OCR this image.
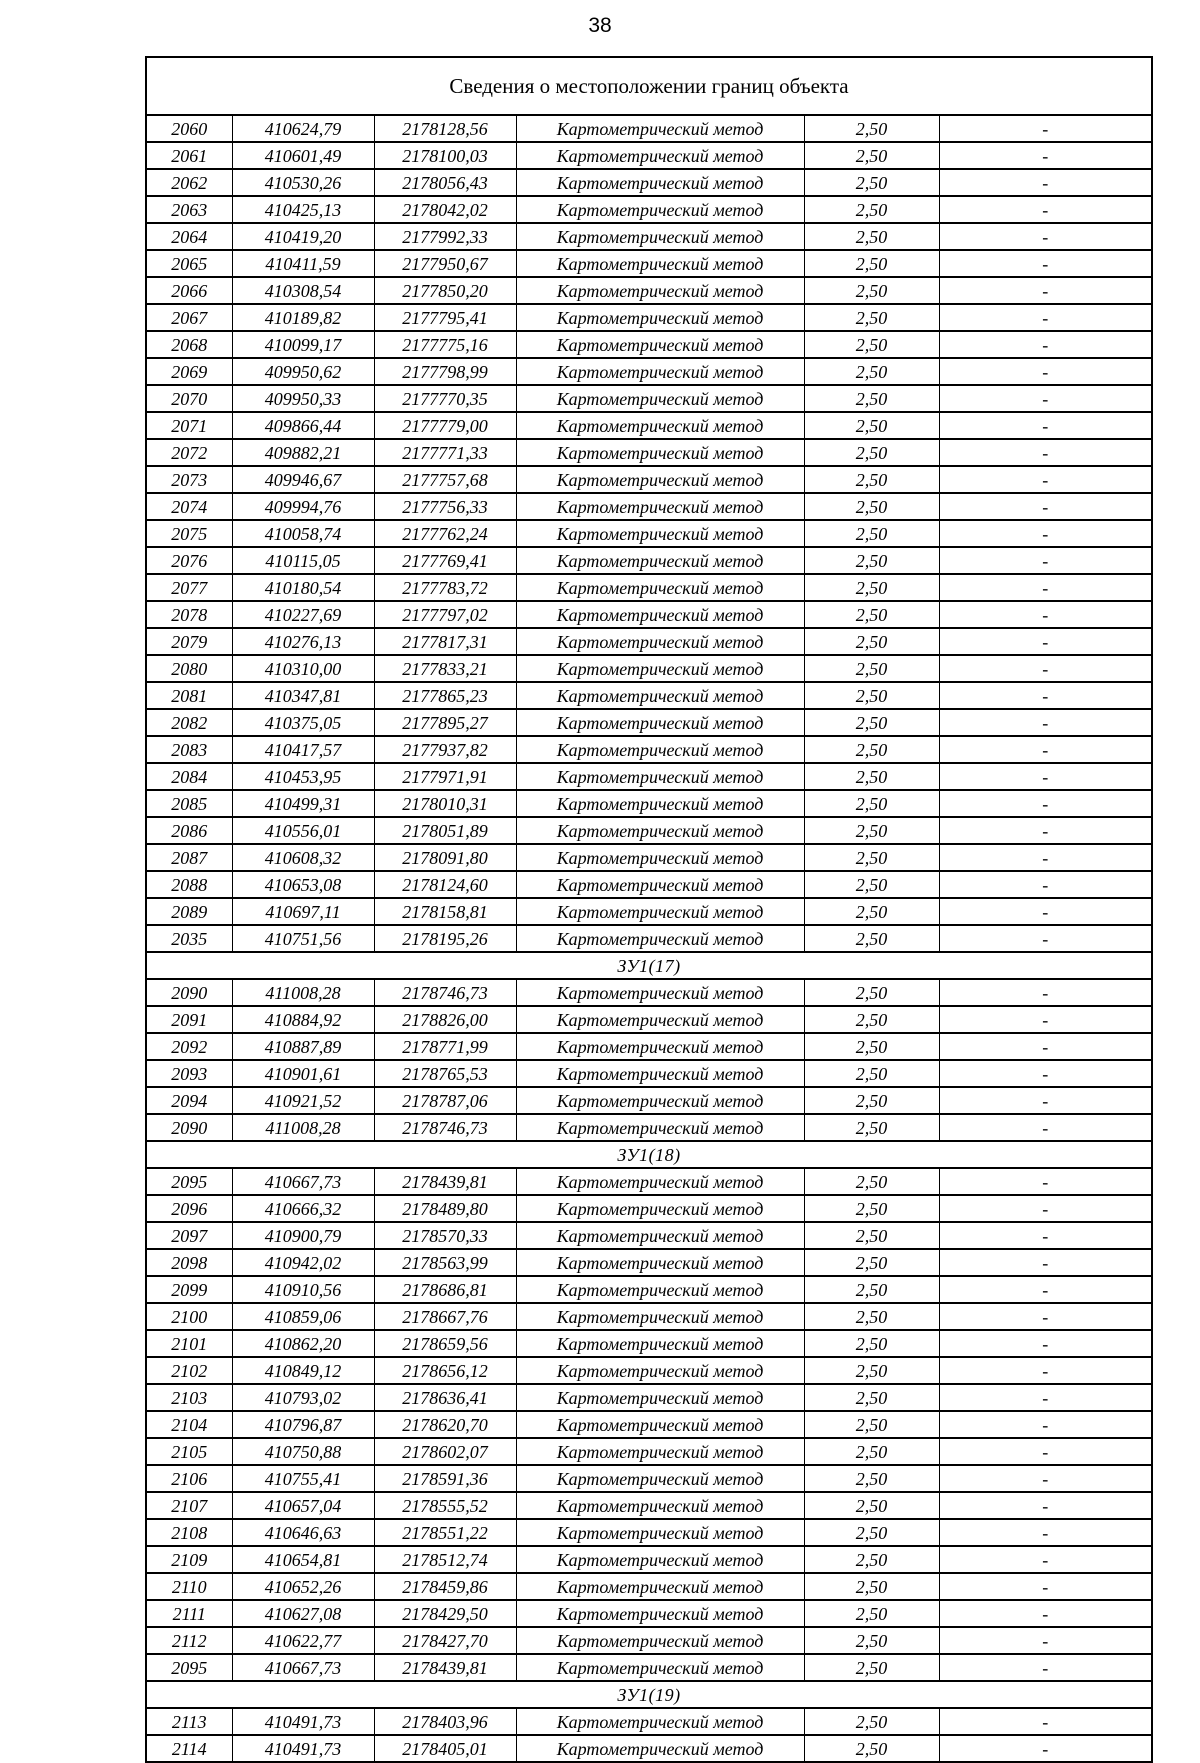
38
Сведения о местоположении границ объекта
2060	410624,79	2178128,56	Картометрический метод	2,50	-
2061	410601,49	2178100,03	Картометрический метод	2,50	-
2062	410530,26	2178056,43	Картометрический метод	2,50	-
2063	410425,13	2178042,02	Картометрический метод	2,50	-
2064	410419,20	2177992,33	Картометрический метод	2,50	-
2065	410411,59	2177950,67	Картометрический метод	2,50	-
2066	410308,54	2177850,20	Картометрический метод	2,50	-
2067	410189,82	2177795,41	Картометрический метод	2,50	-
2068	410099,17	2177775,16	Картометрический метод	2,50	-
2069	409950,62	2177798,99	Картометрический метод	2,50	-
2070	409950,33	2177770,35	Картометрический метод	2,50	-
2071	409866,44	2177779,00	Картометрический метод	2,50	-
2072	409882,21	2177771,33	Картометрический метод	2,50	-
2073	409946,67	2177757,68	Картометрический метод	2,50	-
2074	409994,76	2177756,33	Картометрический метод	2,50	-
2075	410058,74	2177762,24	Картометрический метод	2,50	-
2076	410115,05	2177769,41	Картометрический метод	2,50	-
2077	410180,54	2177783,72	Картометрический метод	2,50	-
2078	410227,69	2177797,02	Картометрический метод	2,50	-
2079	410276,13	2177817,31	Картометрический метод	2,50	-
2080	410310,00	2177833,21	Картометрический метод	2,50	-
2081	410347,81	2177865,23	Картометрический метод	2,50	-
2082	410375,05	2177895,27	Картометрический метод	2,50	-
2083	410417,57	2177937,82	Картометрический метод	2,50	-
2084	410453,95	2177971,91	Картометрический метод	2,50	-
2085	410499,31	2178010,31	Картометрический метод	2,50	-
2086	410556,01	2178051,89	Картометрический метод	2,50	-
2087	410608,32	2178091,80	Картометрический метод	2,50	-
2088	410653,08	2178124,60	Картометрический метод	2,50	-
2089	410697,11	2178158,81	Картометрический метод	2,50	-
2035	410751,56	2178195,26	Картометрический метод	2,50	-
ЗУ1(17)					
2090	411008,28	2178746,73	Картометрический метод	2,50	-
2091	410884,92	2178826,00	Картометрический метод	2,50	-
2092	410887,89	2178771,99	Картометрический метод	2,50	-
2093	410901,61	2178765,53	Картометрический метод	2,50	-
2094	410921,52	2178787,06	Картометрический метод	2,50	-
2090	411008,28	2178746,73	Картометрический метод	2,50	-
ЗУ1(18)					
2095	410667,73	2178439,81	Картометрический метод	2,50	-
2096	410666,32	2178489,80	Картометрический метод	2,50	-
2097	410900,79	2178570,33	Картометрический метод	2,50	-
2098	410942,02	2178563,99	Картометрический метод	2,50	-
2099	410910,56	2178686,81	Картометрический метод	2,50	-
2100	410859,06	2178667,76	Картометрический метод	2,50	-
2101	410862,20	2178659,56	Картометрический метод	2,50	-
2102	410849,12	2178656,12	Картометрический метод	2,50	-
2103	410793,02	2178636,41	Картометрический метод	2,50	-
2104	410796,87	2178620,70	Картометрический метод	2,50	-
2105	410750,88	2178602,07	Картометрический метод	2,50	-
2106	410755,41	2178591,36	Картометрический метод	2,50	-
2107	410657,04	2178555,52	Картометрический метод	2,50	-
2108	410646,63	2178551,22	Картометрический метод	2,50	-
2109	410654,81	2178512,74	Картометрический метод	2,50	-
2110	410652,26	2178459,86	Картометрический метод	2,50	-
2111	410627,08	2178429,50	Картометрический метод	2,50	-
2112	410622,77	2178427,70	Картометрический метод	2,50	-
2095	410667,73	2178439,81	Картометрический метод	2,50	-
ЗУ1(19)					
2113	410491,73	2178403,96	Картометрический метод	2,50	-
2114	410491,73	2178405,01	Картометрический метод	2,50	-
